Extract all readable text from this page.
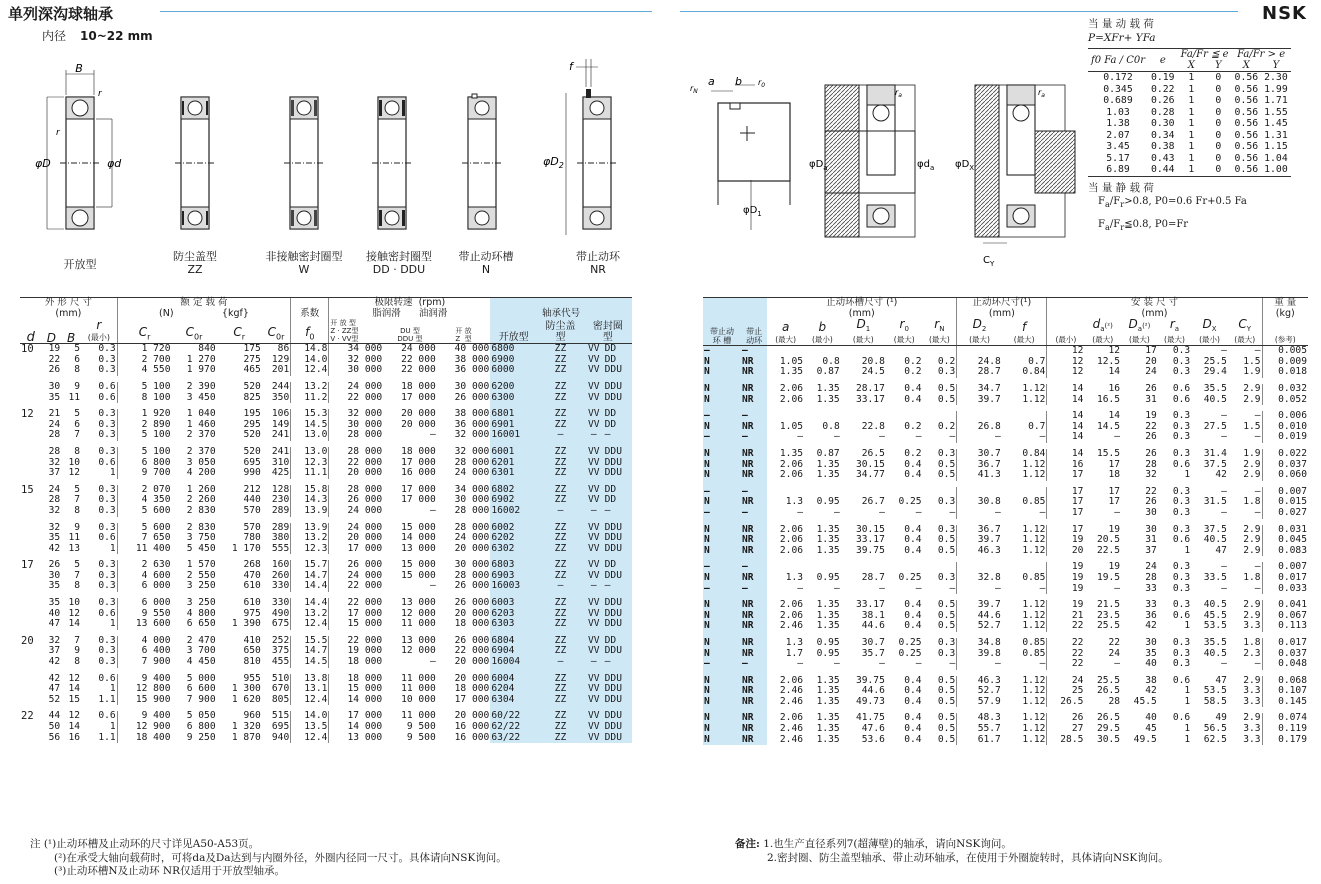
单列深沟球轴承
内径 10~22 mm
NSK
B
φD	φd
r
r
f
$\varphi D_2$
开放型
防尘盖型
ZZ
非接触密封圈型
W
接触密封圈型
DD · DDU
带止动环槽
N
带止动环
NR
a b $r_0$
$r_N$
$\varphi D_1$
$\varphi D_a$	$\varphi d_a$
$r_a$
$\varphi D_X$
$C_Y$
$r_a$
当 量 动 载 荷
P=XFr+ YFa
f0 Fa / C0r	e	Fa/Fr ≦ e		Fa/Fr > e	
		X	Y	X	Y
0.172	0.19	1	0	0.56	2.30
0.345	0.22	1	0	0.56	1.99
0.689	0.26	1	0	0.56	1.71
1.03	0.28	1	0	0.56	1.55
1.38	0.30	1	0	0.56	1.45
2.07	0.34	1	0	0.56	1.31
3.45	0.38	1	0	0.56	1.15
5.17	0.43	1	0	0.56	1.04
6.89	0.44	1	0	0.56	1.00
当 量 静 载 荷
$F_a/F_r>0.8$, P0=0.6 Fr+0.5 Fa
$F_a/F_r≦0.8$, P0=Fr
外 形 尺 寸
(mm)				额 定 载 荷
(N) {kgf}				系数	极限转速 (rpm)
脂润滑 油润滑			轴承代号			
d	D	B	r
(最小)	$C_r$	$C_{0r}$	$C_r$	$C_{0r}$	$f_0$	开 放 型
Z · ZZ型
V · VV型	DU 型
DDU 型	开 放
Z  型	开放型	防尘盖
型	密封圈
型	
10	19	5	0.3	1 720	840	175	86	14.8	34 000	24 000	40 000	6800	ZZ	VV	DD
	22	6	0.3	2 700	1 270	275	129	14.0	32 000	22 000	38 000	6900	ZZ	VV	DD
	26	8	0.3	4 550	1 970	465	201	12.4	30 000	22 000	36 000	6000	ZZ	VV	DDU

	30	9	0.6	5 100	2 390	520	244	13.2	24 000	18 000	30 000	6200	ZZ	VV	DDU
	35	11	0.6	8 100	3 450	825	350	11.2	22 000	17 000	26 000	6300	ZZ	VV	DDU

12	21	5	0.3	1 920	1 040	195	106	15.3	32 000	20 000	38 000	6801	ZZ	VV	DD
	24	6	0.3	2 890	1 460	295	149	14.5	30 000	20 000	36 000	6901	ZZ	VV	DD
	28	7	0.3	5 100	2 370	520	241	13.0	28 000	—	32 000	16001	—	—	—

	28	8	0.3	5 100	2 370	520	241	13.0	28 000	18 000	32 000	6001	ZZ	VV	DDU
	32	10	0.6	6 800	3 050	695	310	12.3	22 000	17 000	28 000	6201	ZZ	VV	DDU
	37	12	1	9 700	4 200	990	425	11.1	20 000	16 000	24 000	6301	ZZ	VV	DDU

15	24	5	0.3	2 070	1 260	212	128	15.8	28 000	17 000	34 000	6802	ZZ	VV	DD
	28	7	0.3	4 350	2 260	440	230	14.3	26 000	17 000	30 000	6902	ZZ	VV	DD
	32	8	0.3	5 600	2 830	570	289	13.9	24 000	—	28 000	16002	—	—	—

	32	9	0.3	5 600	2 830	570	289	13.9	24 000	15 000	28 000	6002	ZZ	VV	DDU
	35	11	0.6	7 650	3 750	780	380	13.2	20 000	14 000	24 000	6202	ZZ	VV	DDU
	42	13	1	11 400	5 450	1 170	555	12.3	17 000	13 000	20 000	6302	ZZ	VV	DDU

17	26	5	0.3	2 630	1 570	268	160	15.7	26 000	15 000	30 000	6803	ZZ	VV	DD
	30	7	0.3	4 600	2 550	470	260	14.7	24 000	15 000	28 000	6903	ZZ	VV	DDU
	35	8	0.3	6 000	3 250	610	330	14.4	22 000	—	26 000	16003	—	—	—

	35	10	0.3	6 000	3 250	610	330	14.4	22 000	13 000	26 000	6003	ZZ	VV	DDU
	40	12	0.6	9 550	4 800	975	490	13.2	17 000	12 000	20 000	6203	ZZ	VV	DDU
	47	14	1	13 600	6 650	1 390	675	12.4	15 000	11 000	18 000	6303	ZZ	VV	DDU

20	32	7	0.3	4 000	2 470	410	252	15.5	22 000	13 000	26 000	6804	ZZ	VV	DD
	37	9	0.3	6 400	3 700	650	375	14.7	19 000	12 000	22 000	6904	ZZ	VV	DDU
	42	8	0.3	7 900	4 450	810	455	14.5	18 000	—	20 000	16004	—	—	—

	42	12	0.6	9 400	5 000	955	510	13.8	18 000	11 000	20 000	6004	ZZ	VV	DDU
	47	14	1	12 800	6 600	1 300	670	13.1	15 000	11 000	18 000	6204	ZZ	VV	DDU
	52	15	1.1	15 900	7 900	1 620	805	12.4	14 000	10 000	17 000	6304	ZZ	VV	DDU

22	44	12	0.6	9 400	5 050	960	515	14.0	17 000	11 000	20 000	60/22	ZZ	VV	DDU
	50	14	1	12 900	6 800	1 320	695	13.5	14 000	9 500	16 000	62/22	ZZ	VV	DDU
	56	16	1.1	18 400	9 250	1 870	940	12.4	13 000	9 500	16 000	63/22	ZZ	VV	DDU
		止动环槽尺寸 (¹)
(mm)					止动环尺寸(¹)
(mm)		安 装 尺 寸
(mm)						重 量
(kg)
带止动
环 槽	带止
动环	a
(最大)	b
(最小)	$D_1$
(最大)	$r_0$
(最大)	$r_N$
(最大)	$D_2$
(最大)	f
(最大)	(最小)	$d_a(^2)$
(最大)	$D_a(^2)$
(最大)	$r_a$
(最大)	$D_X$
(最小)	$C_Y$
(最大)	(参考)
—	—								12	12	17	0.3	—	—	0.005
N	NR	1.05	0.8	20.8	0.2	0.2	24.8	0.7	12	12.5	20	0.3	25.5	1.5	0.009
N	NR	1.35	0.87	24.5	0.2	0.3	28.7	0.84	12	14	24	0.3	29.4	1.9	0.018

N	NR	2.06	1.35	28.17	0.4	0.5	34.7	1.12	14	16	26	0.6	35.5	2.9	0.032
N	NR	2.06	1.35	33.17	0.4	0.5	39.7	1.12	14	16.5	31	0.6	40.5	2.9	0.052

—	—								14	14	19	0.3	—	—	0.006
N	NR	1.05	0.8	22.8	0.2	0.2	26.8	0.7	14	14.5	22	0.3	27.5	1.5	0.010
—	—	—	—	—	—	—	—	—	14	—	26	0.3	—	—	0.019

N	NR	1.35	0.87	26.5	0.2	0.3	30.7	0.84	14	15.5	26	0.3	31.4	1.9	0.022
N	NR	2.06	1.35	30.15	0.4	0.5	36.7	1.12	16	17	28	0.6	37.5	2.9	0.037
N	NR	2.06	1.35	34.77	0.4	0.5	41.3	1.12	17	18	32	1	42	2.9	0.060

—	—								17	17	22	0.3	—	—	0.007
N	NR	1.3	0.95	26.7	0.25	0.3	30.8	0.85	17	17	26	0.3	31.5	1.8	0.015
—	—	—	—	—	—	—	—	—	17	—	30	0.3	—	—	0.027

N	NR	2.06	1.35	30.15	0.4	0.3	36.7	1.12	17	19	30	0.3	37.5	2.9	0.031
N	NR	2.06	1.35	33.17	0.4	0.5	39.7	1.12	19	20.5	31	0.6	40.5	2.9	0.045
N	NR	2.06	1.35	39.75	0.4	0.5	46.3	1.12	20	22.5	37	1	47	2.9	0.083

—	—								19	19	24	0.3	—	—	0.007
N	NR	1.3	0.95	28.7	0.25	0.3	32.8	0.85	19	19.5	28	0.3	33.5	1.8	0.017
—	—	—	—	—	—	—	—	—	19	—	33	0.3	—	—	0.033

N	NR	2.06	1.35	33.17	0.4	0.5	39.7	1.12	19	21.5	33	0.3	40.5	2.9	0.041
N	NR	2.06	1.35	38.1	0.4	0.5	44.6	1.12	21	23.5	36	0.6	45.5	2.9	0.067
N	NR	2.46	1.35	44.6	0.4	0.5	52.7	1.12	22	25.5	42	1	53.5	3.3	0.113

N	NR	1.3	0.95	30.7	0.25	0.3	34.8	0.85	22	22	30	0.3	35.5	1.8	0.017
N	NR	1.7	0.95	35.7	0.25	0.3	39.8	0.85	22	24	35	0.3	40.5	2.3	0.037
—	—	—	—	—	—	—	—	—	22	—	40	0.3	—	—	0.048

N	NR	2.06	1.35	39.75	0.4	0.5	46.3	1.12	24	25.5	38	0.6	47	2.9	0.068
N	NR	2.46	1.35	44.6	0.4	0.5	52.7	1.12	25	26.5	42	1	53.5	3.3	0.107
N	NR	2.46	1.35	49.73	0.4	0.5	57.9	1.12	26.5	28	45.5	1	58.5	3.3	0.145

N	NR	2.06	1.35	41.75	0.4	0.5	48.3	1.12	26	26.5	40	0.6	49	2.9	0.074
N	NR	2.46	1.35	47.6	0.4	0.5	55.7	1.12	27	29.5	45	1	56.5	3.3	0.119
N	NR	2.46	1.35	53.6	0.4	0.5	61.7	1.12	28.5	30.5	49.5	1	62.5	3.3	0.179
注 (¹)止动环槽及止动环的尺寸详见A50-A53页。
(²)在承受大轴向载荷时，可将da及Da达到与内圈外径，外圈内径同一尺寸。具体请向NSK询问。
(³)止动环槽N及止动环 NR仅适用于开放型轴承。
备注: 1.也生产直径系列7(超薄壁)的轴承，请向NSK询问。
2.密封圈、防尘盖型轴承、带止动环轴承，在使用于外圈旋转时，具体请向NSK询问。
